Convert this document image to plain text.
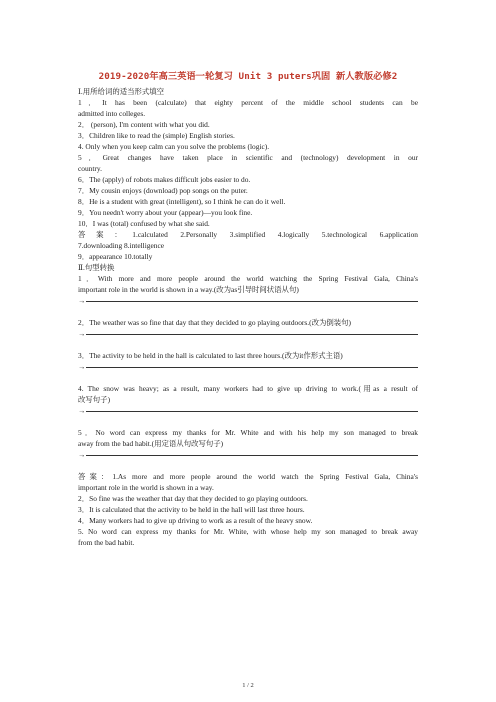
2019-2020年高三英语一轮复习 Unit 3 puters巩固 新人教版必修2

Ⅰ.用所给词的适当形式填空

1．It has been (calculate) that eighty percent of the middle school students can be

admitted into colleges.

2． (person), I'm content with what you did.

3．Children like to read the (simple) English stories.

4. Only when you keep calm can you solve the problems (logic).

5．Great changes have taken place in scientific and (technology) development in our

country.

6．The (apply) of robots makes difficult jobs easier to do.

7．My cousin enjoys (download) pop songs on the puter.

8．He is a student with great (intelligent), so I think he can do it well.

9．You needn't worry about your (appear)—you look fine.

10．I was (total) confused by what she said.

答案：1.calculated 2.Personally 3.simplified 4.logically 5.technological 6.application

7.downloading 8.intelligence

9．appearance 10.totally

Ⅱ.句型转换

1．With more and more people around the world watching the Spring Festival Gala, China's

important role in the world is shown in a way.(改为as引导时间状语从句)

→

2．The weather was so fine that day that they decided to go playing outdoors.(改为倒装句)

→

3．The activity to be held in the hall is calculated to last three hours.(改为it作形式主语)

→

4. The snow was heavy; as a result, many workers had to give up driving to work.(用as a result of

改写句子)

→

5．No word can express my thanks for Mr. White and with his help my son managed to break

away from the bad habit.(用定语从句改写句子)

→

答案：1.As more and more people around the world watch the Spring Festival Gala, China's

important role in the world is shown in a way.

2．So fine was the weather that day that they decided to go playing outdoors.

3．It is calculated that the activity to be held in the hall will last three hours.

4．Many workers had to give up driving to work as a result of the heavy snow.

5. No word can express my thanks for Mr. White, with whose help my son managed to break away

from the bad habit.

1 / 2
